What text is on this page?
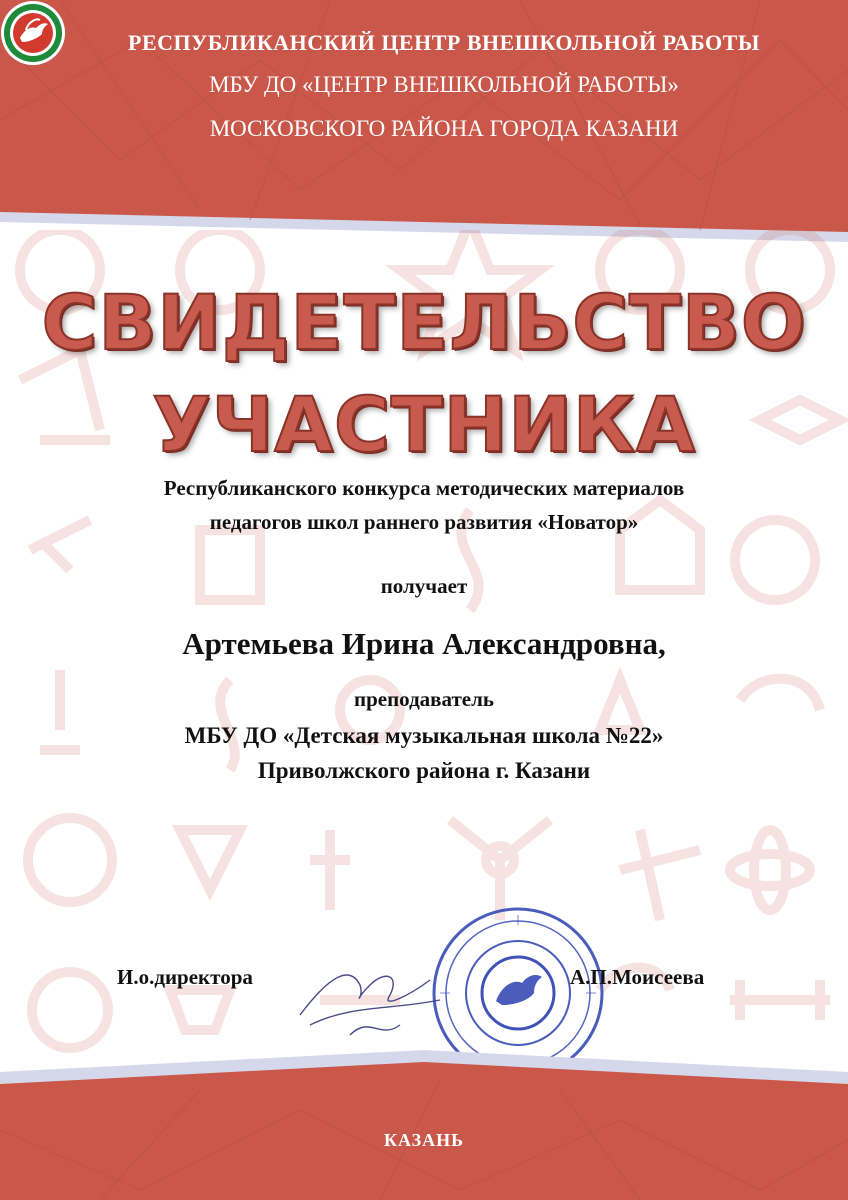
РЕСПУБЛИКАНСКИЙ ЦЕНТР ВНЕШКОЛЬНОЙ РАБОТЫ
МБУ ДО «ЦЕНТР ВНЕШКОЛЬНОЙ РАБОТЫ»
МОСКОВСКОГО РАЙОНА ГОРОДА КАЗАНИ
СВИДЕТЕЛЬСТВО
УЧАСТНИКА
Республиканского конкурса методических материалов
педагогов школ раннего развития «Новатор»
получает
Артемьева Ирина Александровна,
преподаватель
МБУ ДО «Детская музыкальная школа №22»
Приволжского района г. Казани
И.о.директора	А.П.Моисеева
КАЗАНЬ
